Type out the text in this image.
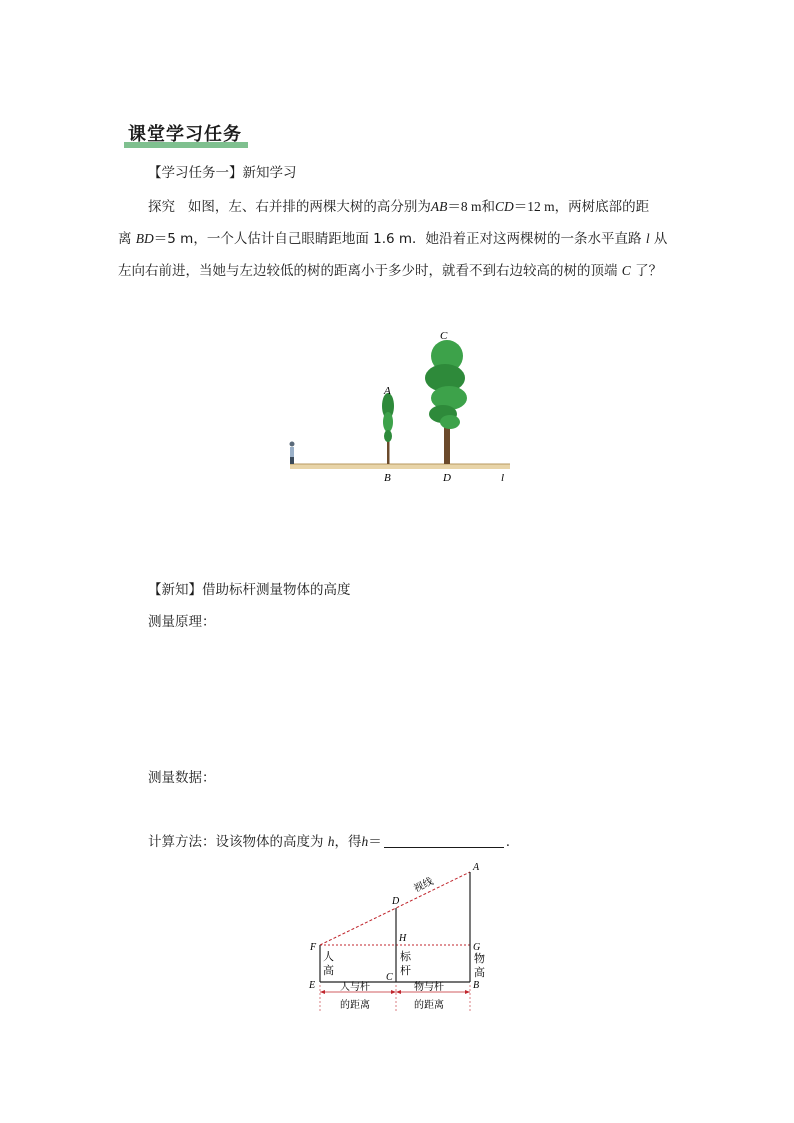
课堂学习任务
【学习任务一】新知学习
探究 如图，左、右并排的两棵大树的高分别为AB＝8 m和CD＝12 m，两树底部的距
离 BD＝5 m，一个人估计自己眼睛距地面 1.6 m．她沿着正对这两棵树的一条水平直路 l 从
左向右前进，当她与左边较低的树的距离小于多少时，就看不到右边较高的树的顶端 C 了？
A
C
B	D	l
【新知】借助标杆测量物体的高度
测量原理：
测量数据：
计算方法：设该物体的高度为 h，得h＝	.
视线
A
D
F
H
G
E
C
B
人
高
标
杆
物
高
人与杆
的距离
物与杆
的距离
